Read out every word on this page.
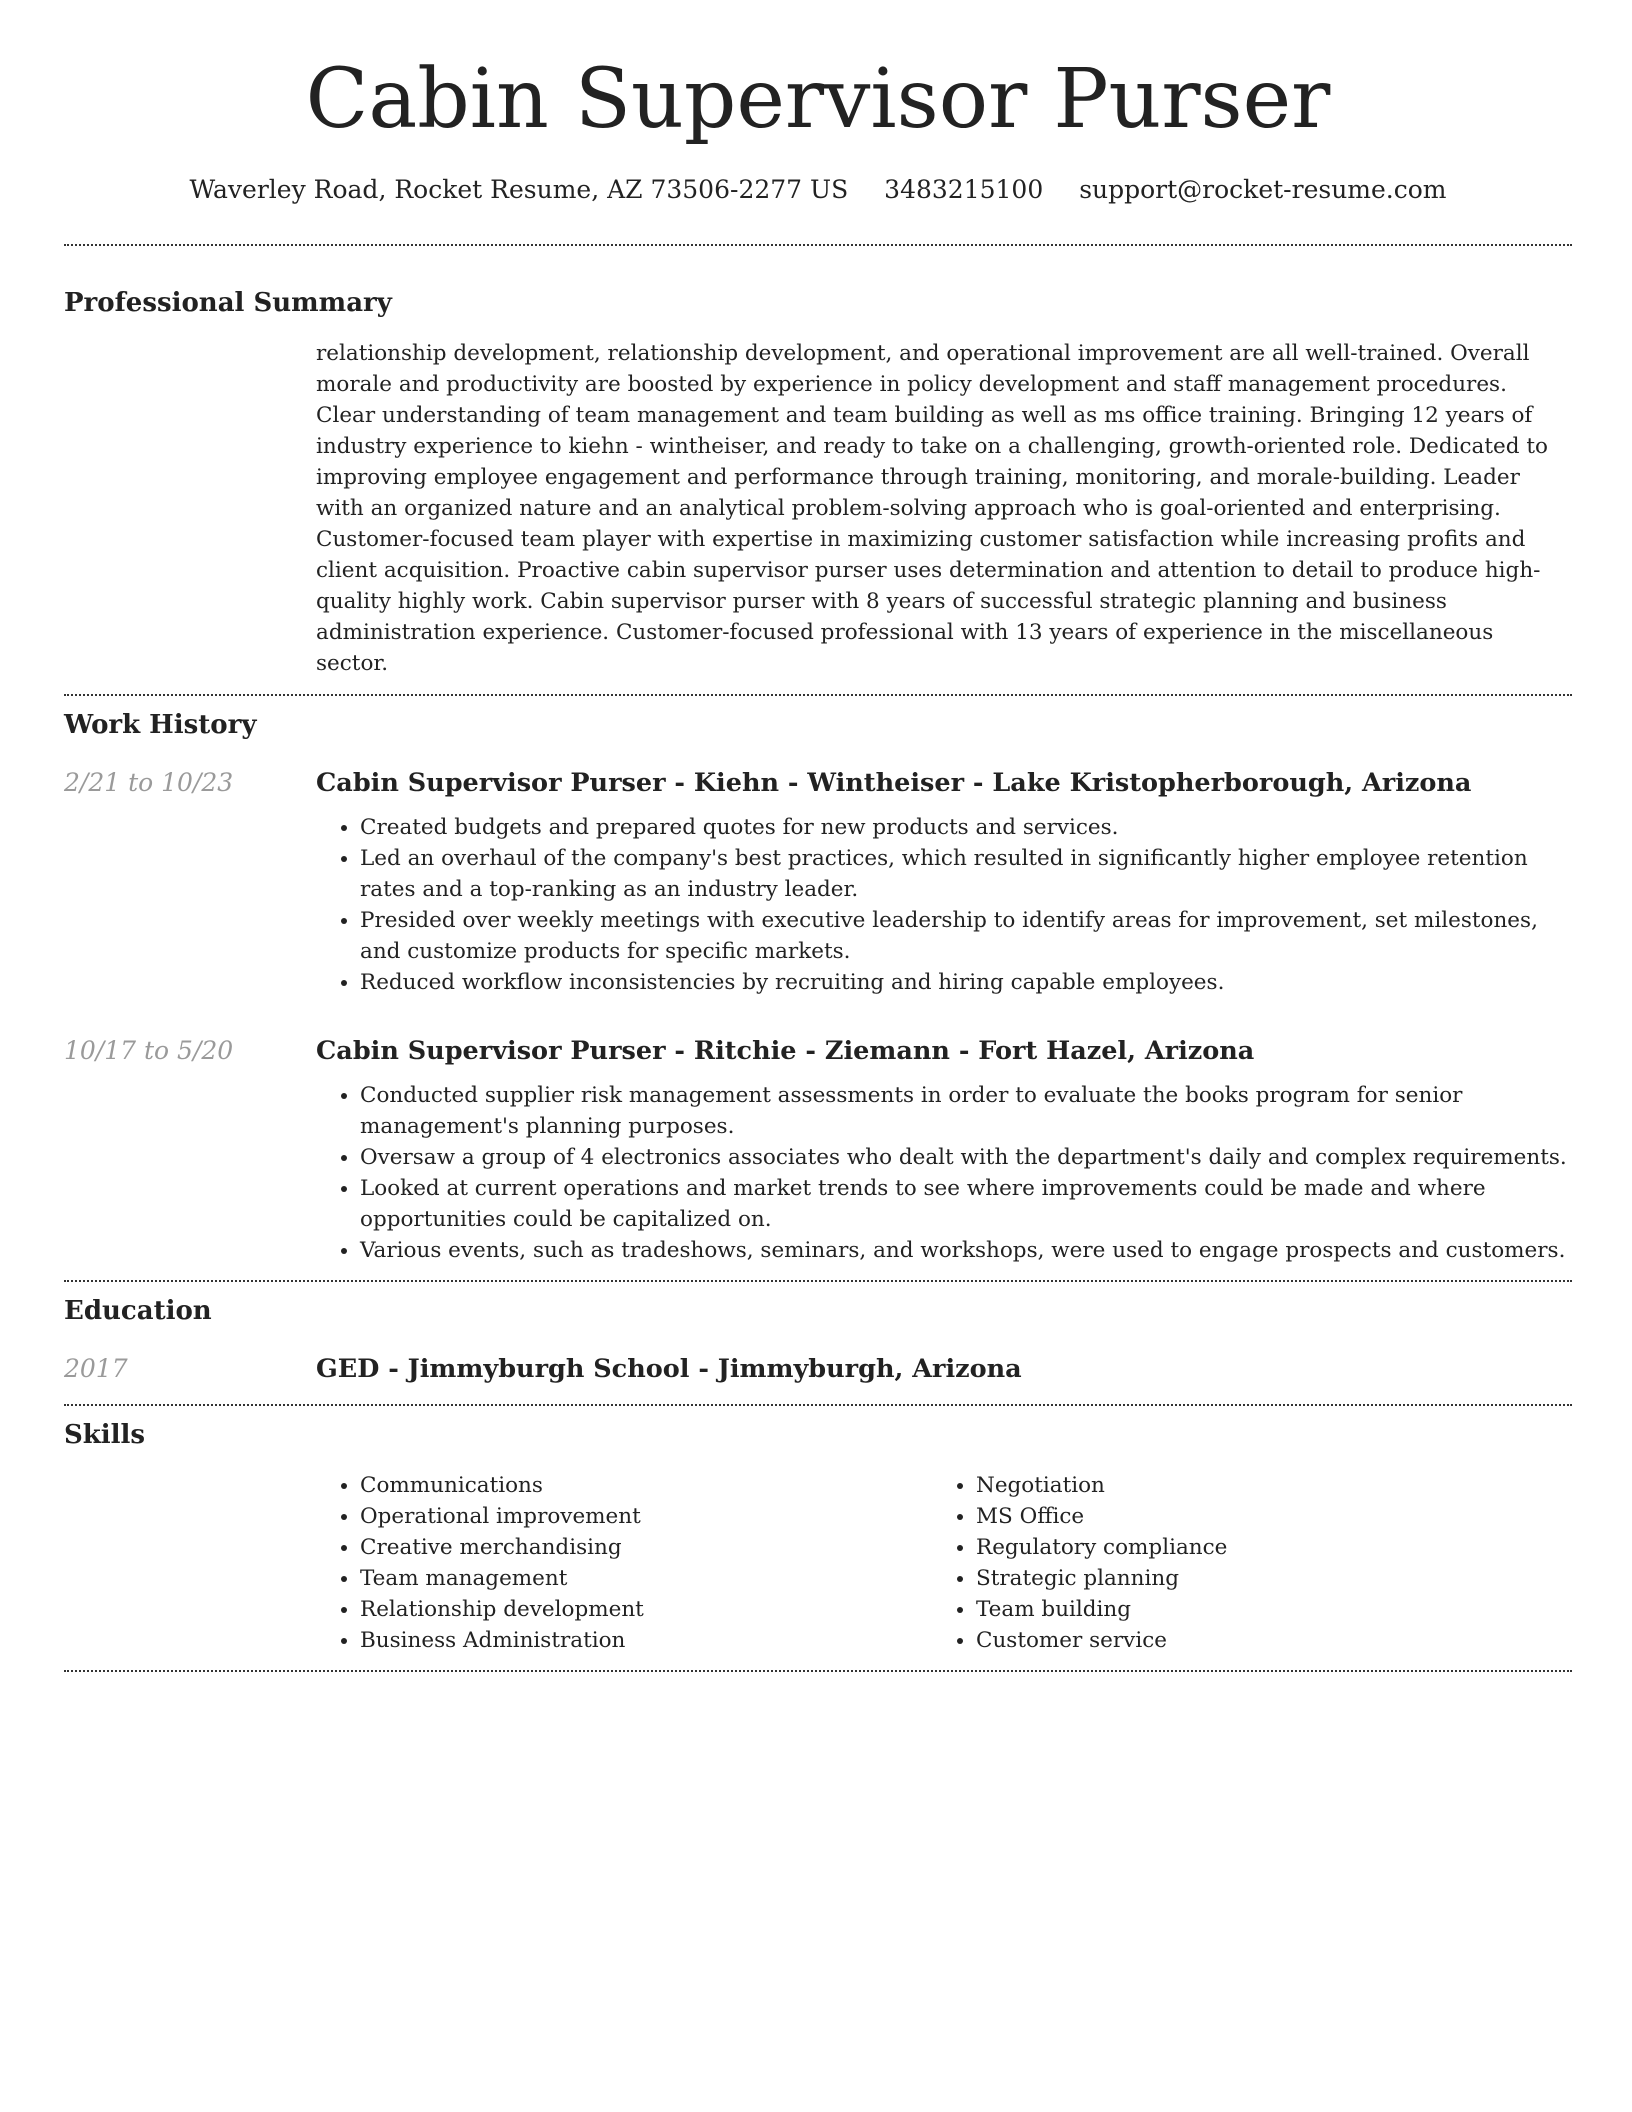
Cabin Supervisor Purser
Waverley Road, Rocket Resume, AZ 73506-2277 US 3483215100 support@rocket-resume.com
Professional Summary

relationship development, relationship development, and operational improvement are all well-trained. Overall morale and productivity are boosted by experience in policy development and staff management procedures. Clear understanding of team management and team building as well as ms office training. Bringing 12 years of industry experience to kiehn - wintheiser, and ready to take on a challenging, growth-oriented role. Dedicated to improving employee engagement and performance through training, monitoring, and morale-building. Leader with an organized nature and an analytical problem-solving approach who is goal-oriented and enterprising. Customer-focused team player with expertise in maximizing customer satisfaction while increasing profits and client acquisition. Proactive cabin supervisor purser uses determination and attention to detail to produce high-quality highly work. Cabin supervisor purser with 8 years of successful strategic planning and business administration experience. Customer-focused professional with 13 years of experience in the miscellaneous sector.

Work History
2/21 to 10/23	Cabin Supervisor Purser - Kiehn - Wintheiser - Lake Kristopherborough, Arizona
• Created budgets and prepared quotes for new products and services.
• Led an overhaul of the company's best practices, which resulted in significantly higher employee retention rates and a top-ranking as an industry leader.
• Presided over weekly meetings with executive leadership to identify areas for improvement, set milestones, and customize products for specific markets.
• Reduced workflow inconsistencies by recruiting and hiring capable employees.
10/17 to 5/20	Cabin Supervisor Purser - Ritchie - Ziemann - Fort Hazel, Arizona
• Conducted supplier risk management assessments in order to evaluate the books program for senior management's planning purposes.
• Oversaw a group of 4 electronics associates who dealt with the department's daily and complex requirements.
• Looked at current operations and market trends to see where improvements could be made and where opportunities could be capitalized on.
• Various events, such as tradeshows, seminars, and workshops, were used to engage prospects and customers.
Education
2017	GED - Jimmyburgh School - Jimmyburgh, Arizona
Skills
• Communications
• Operational improvement
• Creative merchandising
• Team management
• Relationship development
• Business Administration
• Negotiation
• MS Office
• Regulatory compliance
• Strategic planning
• Team building
• Customer service
